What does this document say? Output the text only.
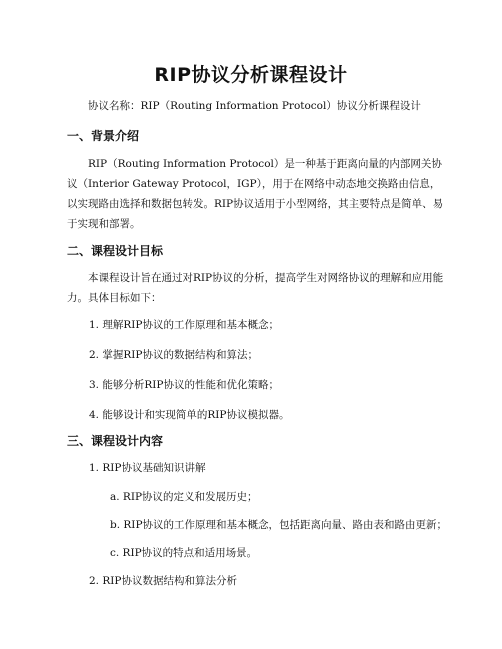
RIP协议分析课程设计
协议名称：RIP（Routing Information Protocol）协议分析课程设计
一、背景介绍
RIP（Routing Information Protocol）是一种基于距离向量的内部网关协议（Interior Gateway Protocol，IGP），用于在网络中动态地交换路由信息，以实现路由选择和数据包转发。RIP协议适用于小型网络，其主要特点是简单、易于实现和部署。
二、课程设计目标
本课程设计旨在通过对RIP协议的分析，提高学生对网络协议的理解和应用能力。具体目标如下：
1. 理解RIP协议的工作原理和基本概念；
2. 掌握RIP协议的数据结构和算法；
3. 能够分析RIP协议的性能和优化策略；
4. 能够设计和实现简单的RIP协议模拟器。
三、课程设计内容
1. RIP协议基础知识讲解
a. RIP协议的定义和发展历史；
b. RIP协议的工作原理和基本概念，包括距离向量、路由表和路由更新；
c. RIP协议的特点和适用场景。
2. RIP协议数据结构和算法分析
